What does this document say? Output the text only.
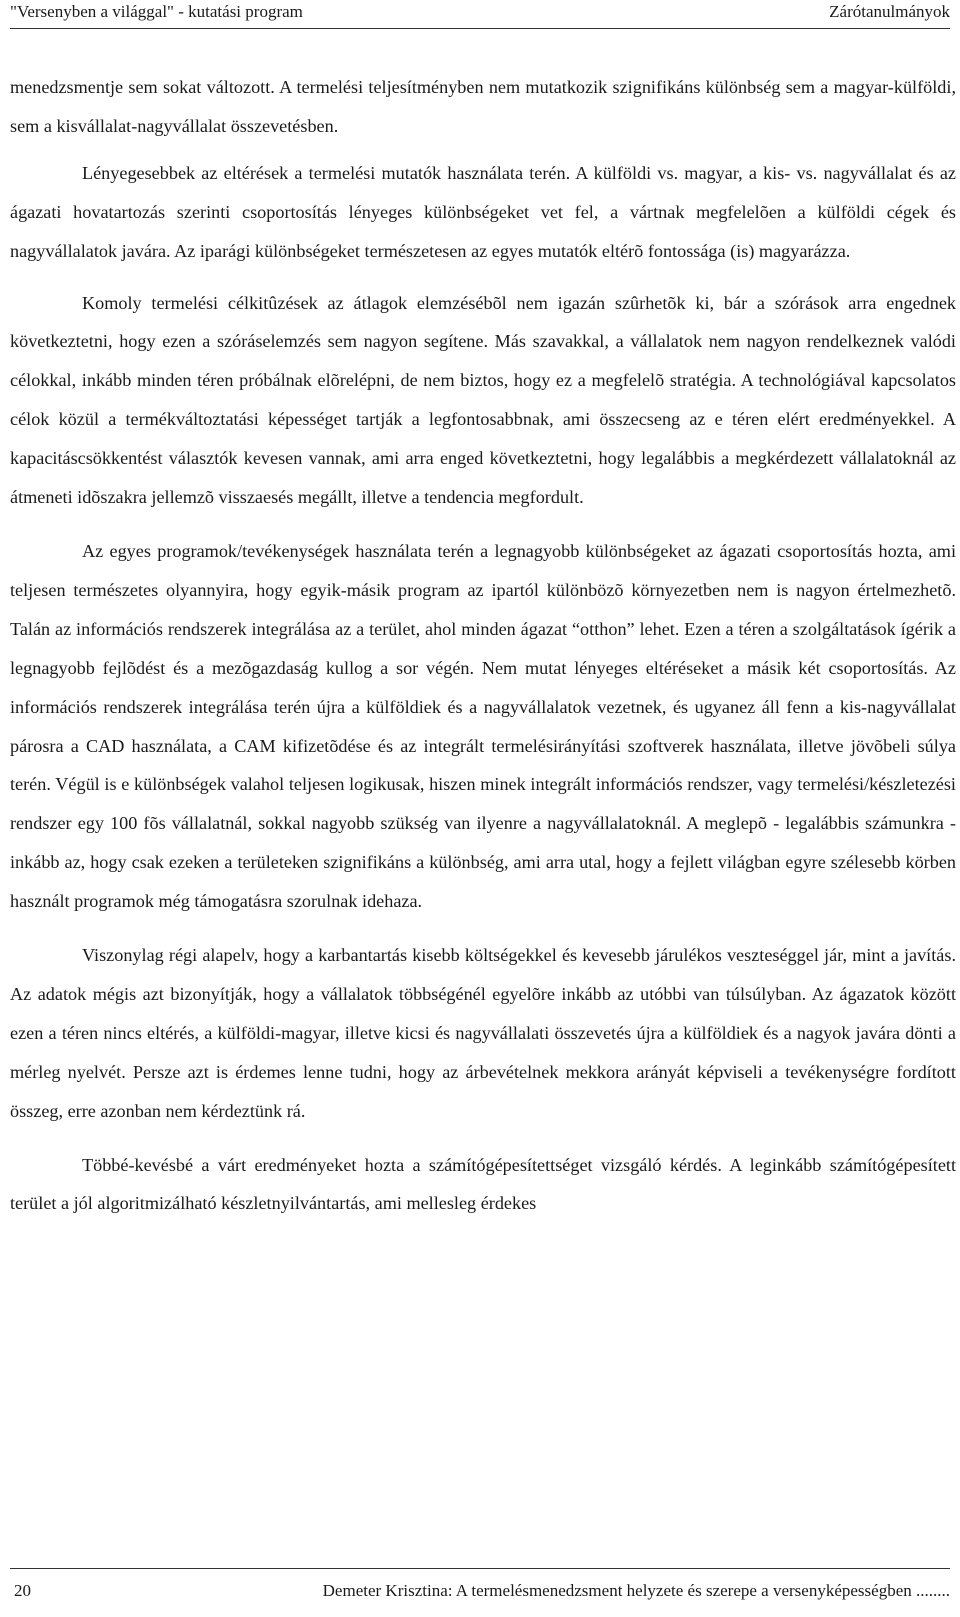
"Versenyben a világgal" - kutatási program	Zárótanulmányok

menedzsmentje sem sokat változott. A termelési teljesítményben nem mutatkozik szignifikáns különbség sem a magyar-külföldi, sem a kisvállalat-nagyvállalat összevetésben.

Lényegesebbek az eltérések a termelési mutatók használata terén. A külföldi vs. magyar, a kis- vs. nagyvállalat és az ágazati hovatartozás szerinti csoportosítás lényeges különbségeket vet fel, a vártnak megfelelõen a külföldi cégek és nagyvállalatok javára. Az iparági különbségeket természetesen az egyes mutatók eltérõ fontossága (is) magyarázza.

Komoly termelési célkitûzések az átlagok elemzésébõl nem igazán szûrhetõk ki, bár a szórások arra engednek következtetni, hogy ezen a szóráselemzés sem nagyon segítene. Más szavakkal, a vállalatok nem nagyon rendelkeznek valódi célokkal, inkább minden téren próbálnak elõrelépni, de nem biztos, hogy ez a megfelelõ stratégia. A technológiával kapcsolatos célok közül a termékváltoztatási képességet tartják a legfontosabbnak, ami összecseng az e téren elért eredményekkel. A kapacitáscsökkentést választók kevesen vannak, ami arra enged következtetni, hogy legalábbis a megkérdezett vállalatoknál az átmeneti idõszakra jellemzõ visszaesés megállt, illetve a tendencia megfordult.

Az egyes programok/tevékenységek használata terén a legnagyobb különbségeket az ágazati csoportosítás hozta, ami teljesen természetes olyannyira, hogy egyik-másik program az ipartól különbözõ környezetben nem is nagyon értelmezhetõ. Talán az információs rendszerek integrálása az a terület, ahol minden ágazat “otthon” lehet. Ezen a téren a szolgáltatások ígérik a legnagyobb fejlõdést és a mezõgazdaság kullog a sor végén. Nem mutat lényeges eltéréseket a másik két csoportosítás. Az információs rendszerek integrálása terén újra a külföldiek és a nagyvállalatok vezetnek, és ugyanez áll fenn a kis-nagyvállalat párosra a CAD használata, a CAM kifizetõdése és az integrált termelésirányítási szoftverek használata, illetve jövõbeli súlya terén. Végül is e különbségek valahol teljesen logikusak, hiszen minek integrált információs rendszer, vagy termelési/készletezési rendszer egy 100 fõs vállalatnál, sokkal nagyobb szükség van ilyenre a nagyvállalatoknál. A meglepõ - legalábbis számunkra - inkább az, hogy csak ezeken a területeken szignifikáns a különbség, ami arra utal, hogy a fejlett világban egyre szélesebb körben használt programok még támogatásra szorulnak idehaza.

Viszonylag régi alapelv, hogy a karbantartás kisebb költségekkel és kevesebb járulékos veszteséggel jár, mint a javítás. Az adatok mégis azt bizonyítják, hogy a vállalatok többségénél egyelõre inkább az utóbbi van túlsúlyban. Az ágazatok között ezen a téren nincs eltérés, a külföldi-magyar, illetve kicsi és nagyvállalati összevetés újra a külföldiek és a nagyok javára dönti a mérleg nyelvét. Persze azt is érdemes lenne tudni, hogy az árbevételnek mekkora arányát képviseli a tevékenységre fordított összeg, erre azonban nem kérdeztünk rá.

Többé-kevésbé a várt eredményeket hozta a számítógépesítettséget vizsgáló kérdés. A leginkább számítógépesített terület a jól algoritmizálható készletnyilvántartás, ami mellesleg érdekes

20	Demeter Krisztina: A termelésmenedzsment helyzete és szerepe a versenyképességben ........
